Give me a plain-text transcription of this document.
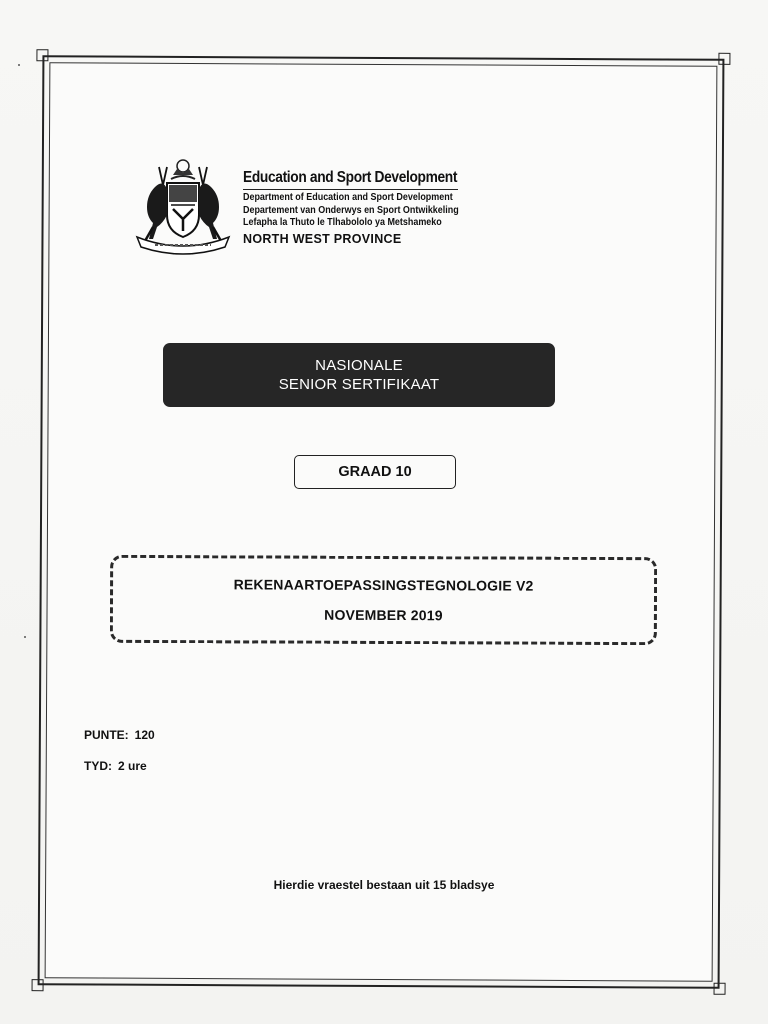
Education and Sport Development
Department of Education and Sport Development
Departement van Onderwys en Sport Ontwikkeling
Lefapha la Thuto le Tlhabololo ya Metshameko
NORTH WEST PROVINCE
NASIONALE
SENIOR SERTIFIKAAT
GRAAD 10
REKENAARTOEPASSINGSTEGNOLOGIE V2
NOVEMBER 2019
PUNTE: 120
TYD: 2 ure
Hierdie vraestel bestaan uit 15 bladsye
